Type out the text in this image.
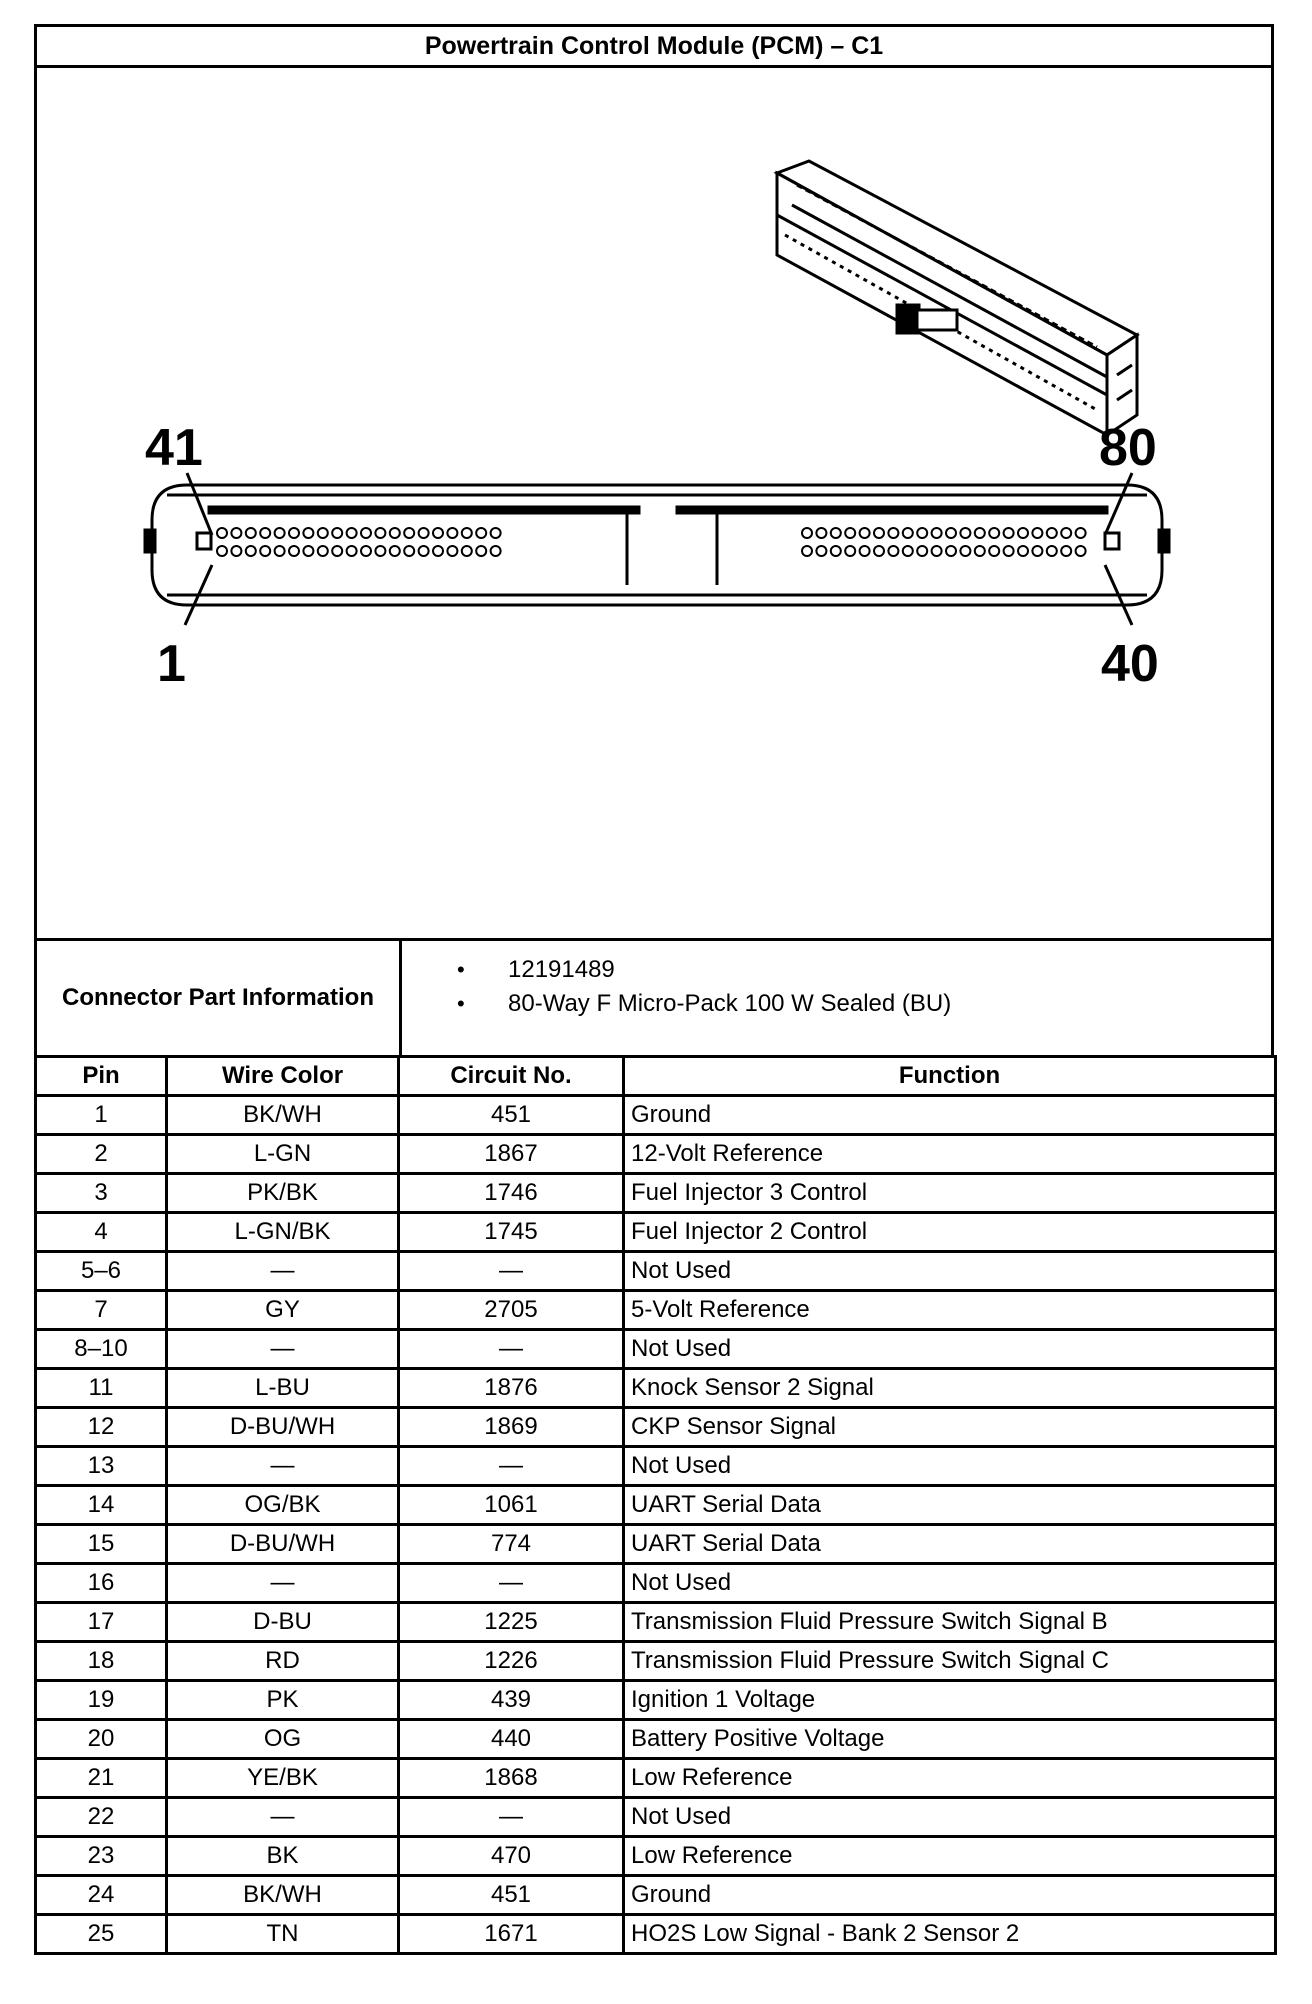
Powertrain Control Module (PCM) – C1
41	80
1	40
Connector Part Information
• 12191489
• 80-Way F Micro-Pack 100 W Sealed (BU)
Pin	Wire Color	Circuit No.	Function
1	BK/WH	451	Ground
2	L-GN	1867	12-Volt Reference
3	PK/BK	1746	Fuel Injector 3 Control
4	L-GN/BK	1745	Fuel Injector 2 Control
5–6	—	—	Not Used
7	GY	2705	5-Volt Reference
8–10	—	—	Not Used
11	L-BU	1876	Knock Sensor 2 Signal
12	D-BU/WH	1869	CKP Sensor Signal
13	—	—	Not Used
14	OG/BK	1061	UART Serial Data
15	D-BU/WH	774	UART Serial Data
16	—	—	Not Used
17	D-BU	1225	Transmission Fluid Pressure Switch Signal B
18	RD	1226	Transmission Fluid Pressure Switch Signal C
19	PK	439	Ignition 1 Voltage
20	OG	440	Battery Positive Voltage
21	YE/BK	1868	Low Reference
22	—	—	Not Used
23	BK	470	Low Reference
24	BK/WH	451	Ground
25	TN	1671	HO2S Low Signal - Bank 2 Sensor 2
